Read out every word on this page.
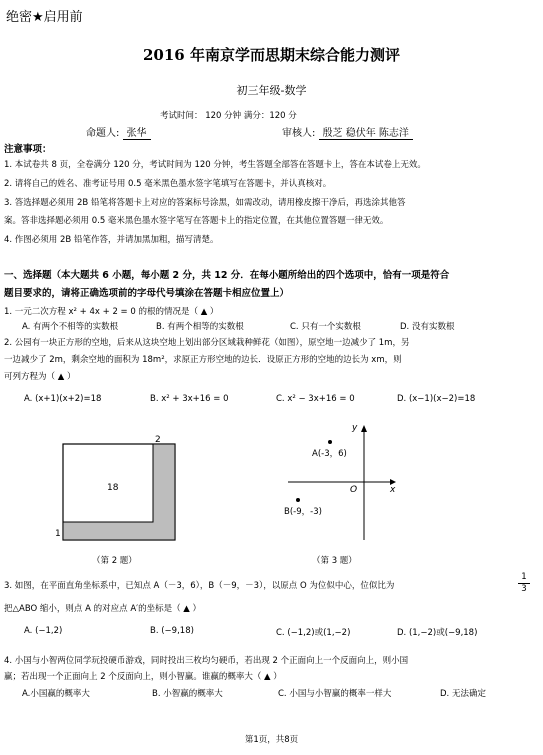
绝密★启用前
2016 年南京学而思期末综合能力测评
初三年级-数学
考试时间： 120 分钟 满分：120 分
命题人: 张华	审核人: 殷芝 稳伏年 陈志洋
注意事项：
1. 本试卷共 8 页，全卷满分 120 分，考试时间为 120 分钟，考生答题全部答在答题卡上，答在本试卷上无效。
2. 请将自己的姓名、准考证号用 0.5 毫米黑色墨水签字笔填写在答题卡，并认真核对。
3. 答选择题必须用 2B 铅笔将答题卡上对应的答案标号涂黑，如需改动，请用橡皮擦干净后，再选涂其他答
案。答非选择题必须用 0.5 毫米黑色墨水签字笔写在答题卡上的指定位置，在其他位置答题一律无效。
4. 作图必须用 2B 铅笔作答，并请加黑加粗，描写清楚。
一、选择题（本大题共 6 小题，每小题 2 分，共 12 分．在每小题所给出的四个选项中，恰有一项是符合
题目要求的，请将正确选项前的字母代号填涂在答题卡相应位置上）
1. 一元二次方程 x² + 4x + 2 = 0 的根的情况是（ ▲ ）
A. 有两个不相等的实数根	B. 有两个相等的实数根	C. 只有一个实数根	D. 没有实数根
2. 公园有一块正方形的空地，后来从这块空地上划出部分区域栽种鲜花（如图），原空地一边减少了 1m，另
一边减少了 2m，剩余空地的面积为 18m²，求原正方形空地的边长．设原正方形的空地的边长为 xm，则
可列方程为（ ▲ ）
A. (x+1)(x+2)=18	B. x² + 3x+16 = 0	C. x² − 3x+16 = 0	D. (x−1)(x−2)=18
18
2
1
（第 2 题）
y
x
O
A(-3，6)
B(-9，-3)
（第 3 题）
3. 如图，在平面直角坐标系中，已知点 A（－3，6），B（－9，－3），以原点 O 为位似中心，位似比为	$\frac{1}{3}$
把△ABO 缩小，则点 A 的对应点 A′的坐标是（ ▲ ）
A. (−1,2)	B. (−9,18)	C. (−1,2)或(1,−2)	D. (1,−2)或(−9,18)
4. 小国与小智两位同学玩投硬币游戏，同时投出三枚均匀硬币，若出现 2 个正面向上一个反面向上，则小国
赢；若出现一个正面向上 2 个反面向上，则小智赢。谁赢的概率大（ ▲ ）
A.小国赢的概率大	B. 小智赢的概率大	C. 小国与小智赢的概率一样大	D. 无法确定
第1页，共8页
